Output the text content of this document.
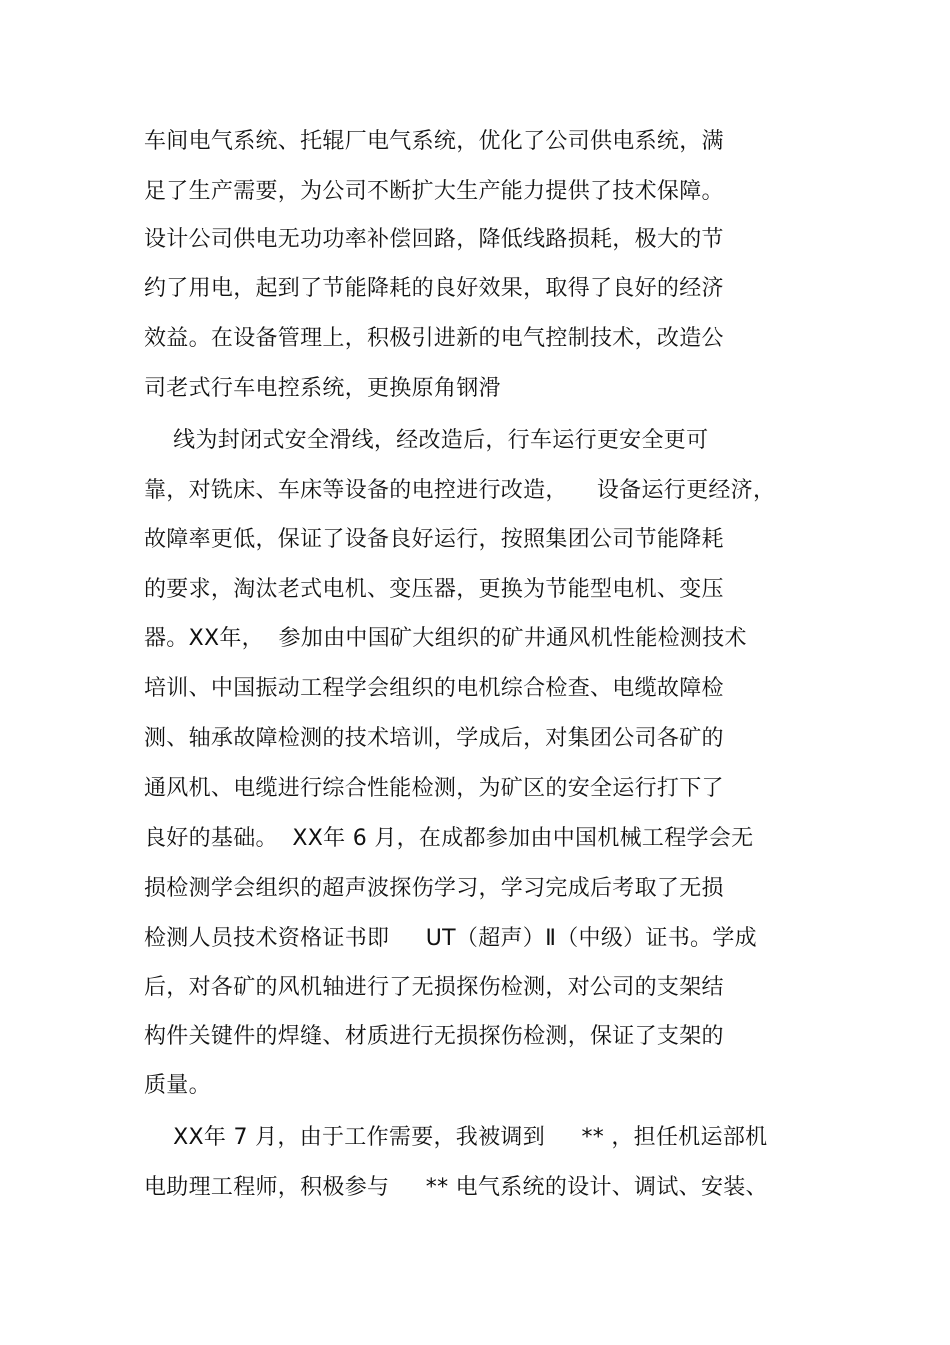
车间电气系统、托辊厂电气系统，优化了公司供电系统，满
足了生产需要，为公司不断扩大生产能力提供了技术保障。
设计公司供电无功功率补偿回路，降低线路损耗，极大的节
约了用电，起到了节能降耗的良好效果，取得了良好的经济
效益。在设备管理上，积极引进新的电气控制技术，改造公
司老式行车电控系统，更换原角钢滑
线为封闭式安全滑线，经改造后，行车运行更安全更可
靠，对铣床、车床等设备的电控进行改造，    设备运行更经济，
故障率更低，保证了设备良好运行，按照集团公司节能降耗
的要求，淘汰老式电机、变压器，更换为节能型电机、变压
器。XX年，  参加由中国矿大组织的矿井通风机性能检测技术
培训、中国振动工程学会组织的电机综合检查、电缆故障检
测、轴承故障检测的技术培训，学成后，对集团公司各矿的
通风机、电缆进行综合性能检测，为矿区的安全运行打下了
良好的基础。  XX年 6 月，在成都参加由中国机械工程学会无
损检测学会组织的超声波探伤学习，学习完成后考取了无损
检测人员技术资格证书即     UT（超声）Ⅱ（中级）证书。学成
后，对各矿的风机轴进行了无损探伤检测，对公司的支架结
构件关键件的焊缝、材质进行无损探伤检测，保证了支架的
质量。
XX年 7 月，由于工作需要，我被调到     ** ，担任机运部机
电助理工程师，积极参与     ** 电气系统的设计、调试、安装、
